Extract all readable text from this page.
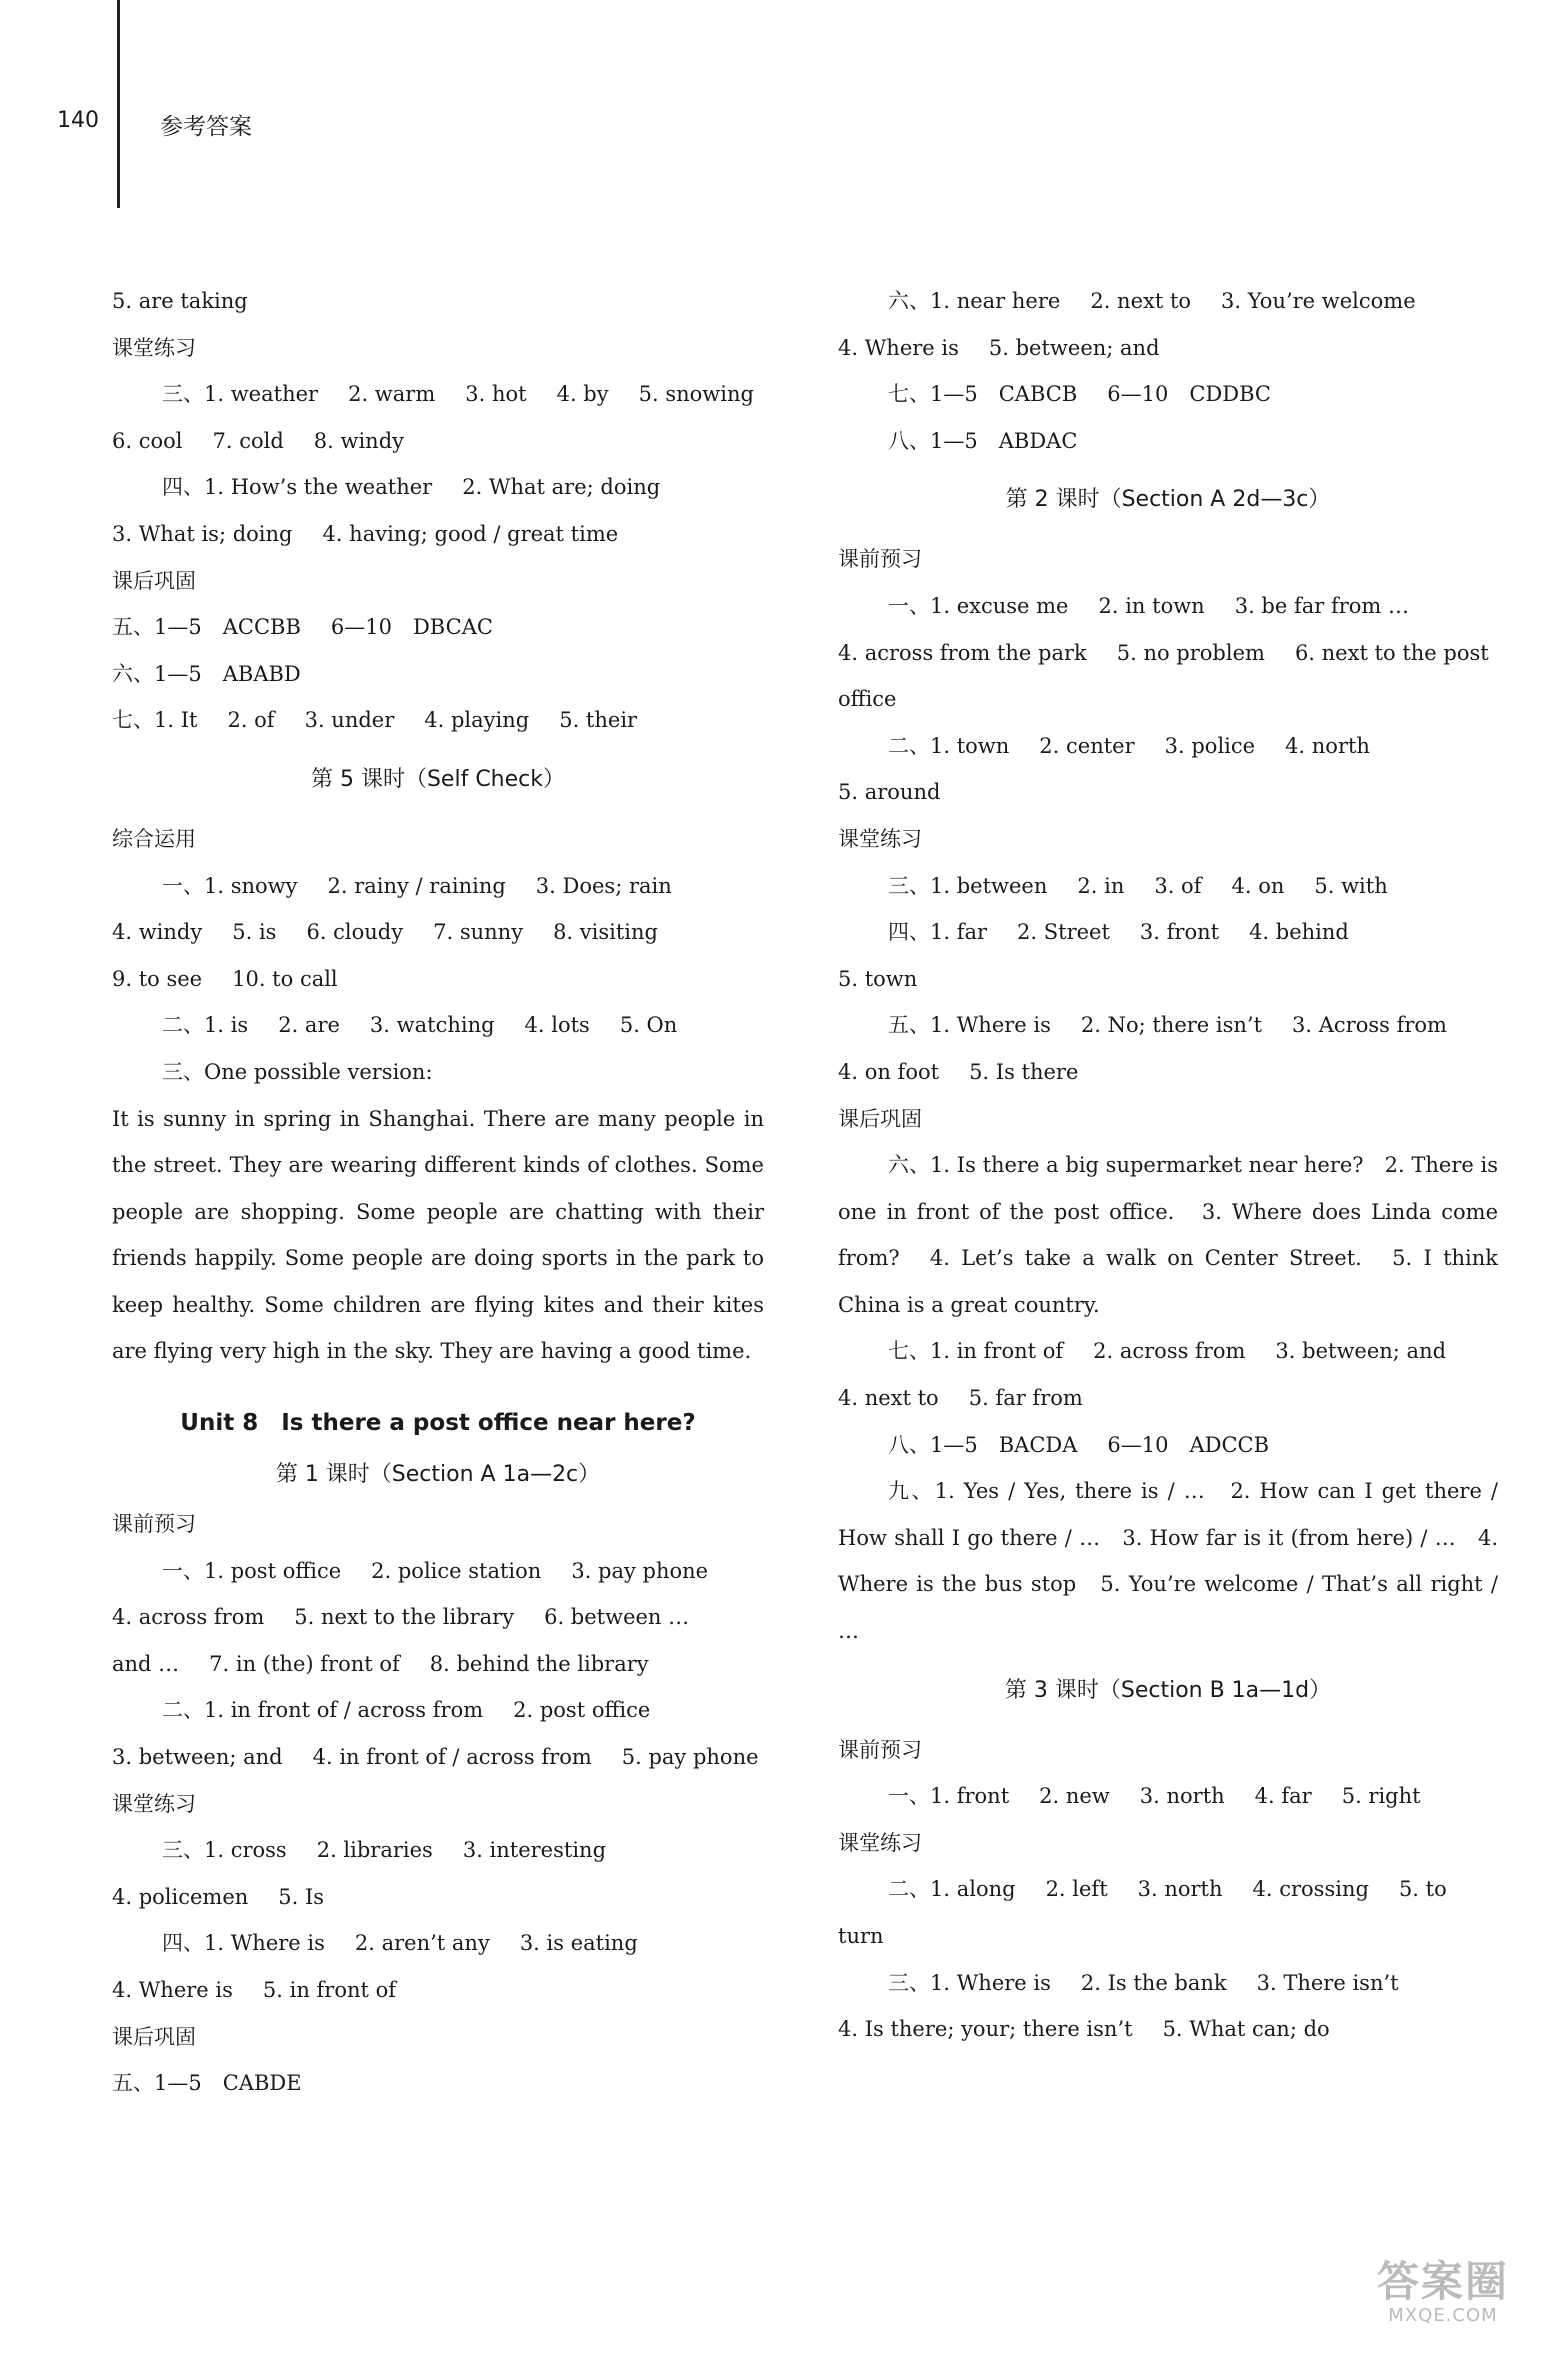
140	参考答案
5. are taking
课堂练习
三、1. weather 2. warm 3. hot 4. by 5. snowing
6. cool 7. cold 8. windy
四、1. How’s the weather 2. What are; doing
3. What is; doing 4. having; good / great time
课后巩固
五、1—5　ACCBB 6—10　DBCAC
六、1—5　ABABD
七、1. It 2. of 3. under 4. playing 5. their
第 5 课时（Self Check）
综合运用
一、1. snowy 2. rainy / raining 3. Does; rain
4. windy 5. is 6. cloudy 7. sunny 8. visiting
9. to see 10. to call
二、1. is 2. are 3. watching 4. lots 5. On
三、One possible version:
It is sunny in spring in Shanghai. There are many people in the street. They are wearing different kinds of clothes. Some people are shopping. Some people are chatting with their friends happily. Some people are doing sports in the park to keep healthy. Some children are flying kites and their kites are flying very high in the sky. They are having a good time.
Unit 8　Is there a post office near here?
第 1 课时（Section A 1a—2c）
课前预习
一、1. post office 2. police station 3. pay phone
4. across from 5. next to the library 6. between …
and … 7. in (the) front of 8. behind the library
二、1. in front of / across from 2. post office
3. between; and 4. in front of / across from 5. pay phone
课堂练习
三、1. cross 2. libraries 3. interesting
4. policemen 5. Is
四、1. Where is 2. aren’t any 3. is eating
4. Where is 5. in front of
课后巩固
五、1—5　CABDE
六、1. near here 2. next to 3. You’re welcome
4. Where is 5. between; and
七、1—5　CABCB 6—10　CDDBC
八、1—5　ABDAC
第 2 课时（Section A 2d—3c）
课前预习
一、1. excuse me 2. in town 3. be far from …
4. across from the park 5. no problem 6. next to the post
office
二、1. town 2. center 3. police 4. north
5. around
课堂练习
三、1. between 2. in 3. of 4. on 5. with
四、1. far 2. Street 3. front 4. behind
5. town
五、1. Where is 2. No; there isn’t 3. Across from
4. on foot 5. Is there
课后巩固
六、1. Is there a big supermarket near here?　2. There is one in front of the post office.　3. Where does Linda come from?　4. Let’s take a walk on Center Street.　5. I think China is a great country.
七、1. in front of 2. across from 3. between; and
4. next to 5. far from
八、1—5　BACDA 6—10　ADCCB
九、1. Yes / Yes, there is / …　2. How can I get there / How shall I go there / …　3. How far is it (from here) / …　4. Where is the bus stop　5. You’re welcome / That’s all right / …
第 3 课时（Section B 1a—1d）
课前预习
一、1. front 2. new 3. north 4. far 5. right
课堂练习
二、1. along 2. left 3. north 4. crossing 5. to
turn
三、1. Where is 2. Is the bank 3. There isn’t
4. Is there; your; there isn’t 5. What can; do
答案圈
MXQE.COM
